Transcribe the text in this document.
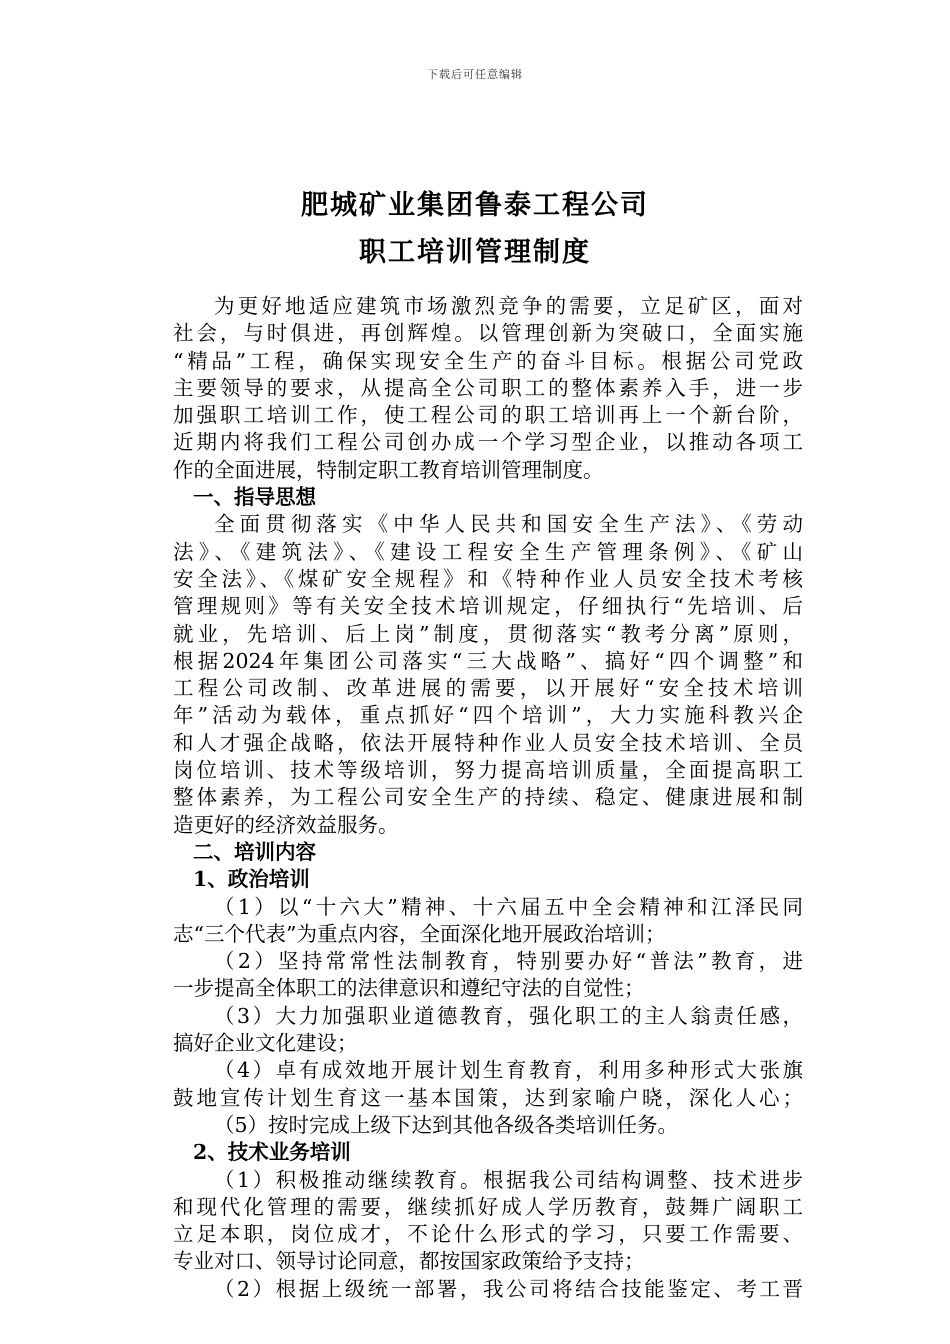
下载后可任意编辑
肥城矿业集团鲁泰工程公司
职工培训管理制度
为更好地适应建筑市场激烈竞争的需要，立足矿区，面对
社会，与时俱进，再创辉煌。以管理创新为突破口，全面实施
“精品”工程，确保实现安全生产的奋斗目标。根据公司党政
主要领导的要求，从提高全公司职工的整体素养入手，进一步
加强职工培训工作，使工程公司的职工培训再上一个新台阶，
近期内将我们工程公司创办成一个学习型企业，以推动各项工
作的全面进展，特制定职工教育培训管理制度。
一、指导思想
全面贯彻落实《中华人民共和国安全生产法》、《劳动
法》、《建筑法》、《建设工程安全生产管理条例》、《矿山
安全法》、《煤矿安全规程》和《特种作业人员安全技术考核
管理规则》等有关安全技术培训规定，仔细执行“先培训、后
就业，先培训、后上岗”制度，贯彻落实“教考分离”原则，
根据2024年集团公司落实“三大战略”、搞好“四个调整”和
工程公司改制、改革进展的需要，以开展好“安全技术培训
年”活动为载体，重点抓好“四个培训”，大力实施科教兴企
和人才强企战略，依法开展特种作业人员安全技术培训、全员
岗位培训、技术等级培训，努力提高培训质量，全面提高职工
整体素养，为工程公司安全生产的持续、稳定、健康进展和制
造更好的经济效益服务。
二、培训内容
1、政治培训
（1）以“十六大”精神、十六届五中全会精神和江泽民同
志“三个代表”为重点内容，全面深化地开展政治培训；
（2）坚持常常性法制教育，特别要办好“普法”教育，进
一步提高全体职工的法律意识和遵纪守法的自觉性；
（3）大力加强职业道德教育，强化职工的主人翁责任感，
搞好企业文化建设；
（4）卓有成效地开展计划生育教育，利用多种形式大张旗
鼓地宣传计划生育这一基本国策，达到家喻户晓，深化人心；
（5）按时完成上级下达到其他各级各类培训任务。
2、技术业务培训
（1）积极推动继续教育。根据我公司结构调整、技术进步
和现代化管理的需要，继续抓好成人学历教育，鼓舞广阔职工
立足本职，岗位成才，不论什么形式的学习，只要工作需要、
专业对口、领导讨论同意，都按国家政策给予支持；
（2）根据上级统一部署，我公司将结合技能鉴定、考工晋
